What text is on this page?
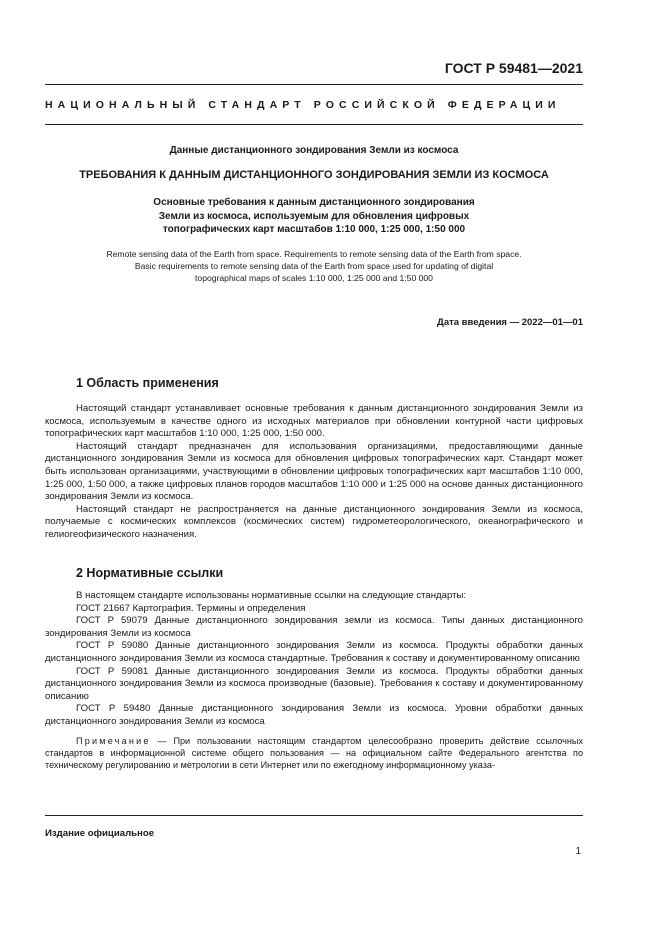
ГОСТ Р 59481—2021
НАЦИОНАЛЬНЫЙ СТАНДАРТ РОССИЙСКОЙ ФЕДЕРАЦИИ
Данные дистанционного зондирования Земли из космоса
ТРЕБОВАНИЯ К ДАННЫМ ДИСТАНЦИОННОГО ЗОНДИРОВАНИЯ ЗЕМЛИ ИЗ КОСМОСА
Основные требования к данным дистанционного зондирования
Земли из космоса, используемым для обновления цифровых
топографических карт масштабов 1:10 000, 1:25 000, 1:50 000
Remote sensing data of the Earth from space. Requirements to remote sensing data of the Earth from space.
Basic requirements to remote sensing data of the Earth from space used for updating of digital
topographical maps of scales 1:10 000, 1:25 000 and 1:50 000
Дата введения — 2022—01—01
1 Область применения

Настоящий стандарт устанавливает основные требования к данным дистанционного зондирования Земли из космоса, используемым в качестве одного из исходных материалов при обновлении контурной части цифровых топографических карт масштабов 1:10 000, 1:25 000, 1:50 000.

Настоящий стандарт предназначен для использования организациями, предоставляющими данные дистанционного зондирования Земли из космоса для обновления цифровых топографических карт. Стандарт может быть использован организациями, участвующими в обновлении цифровых топографических карт масштабов 1:10 000, 1:25 000, 1:50 000, а также цифровых планов городов масштабов 1:10 000 и 1:25 000 на основе данных дистанционного зондирования Земли из космоса.

Настоящий стандарт не распространяется на данные дистанционного зондирования Земли из космоса, получаемые с космических комплексов (космических систем) гидрометеорологического, океанографического и гелиогеофизического назначения.

2 Нормативные ссылки

В настоящем стандарте использованы нормативные ссылки на следующие стандарты:

ГОСТ 21667 Картография. Термины и определения

ГОСТ Р 59079 Данные дистанционного зондирования земли из космоса. Типы данных дистанционного зондирования Земли из космоса

ГОСТ Р 59080 Данные дистанционного зондирования Земли из космоса. Продукты обработки данных дистанционного зондирования Земли из космоса стандартные. Требования к составу и документированному описанию

ГОСТ Р 59081 Данные дистанционного зондирования Земли из космоса. Продукты обработки данных дистанционного зондирования Земли из космоса производные (базовые). Требования к составу и документированному описанию

ГОСТ Р 59480 Данные дистанционного зондирования Земли из космоса. Уровни обработки данных дистанционного зондирования Земли из космоса

Примечание — При пользовании настоящим стандартом целесообразно проверить действие ссылочных стандартов в информационной системе общего пользования — на официальном сайте Федерального агентства по техническому регулированию и метрологии в сети Интернет или по ежегодному информационному указа-

Издание официальное
1
